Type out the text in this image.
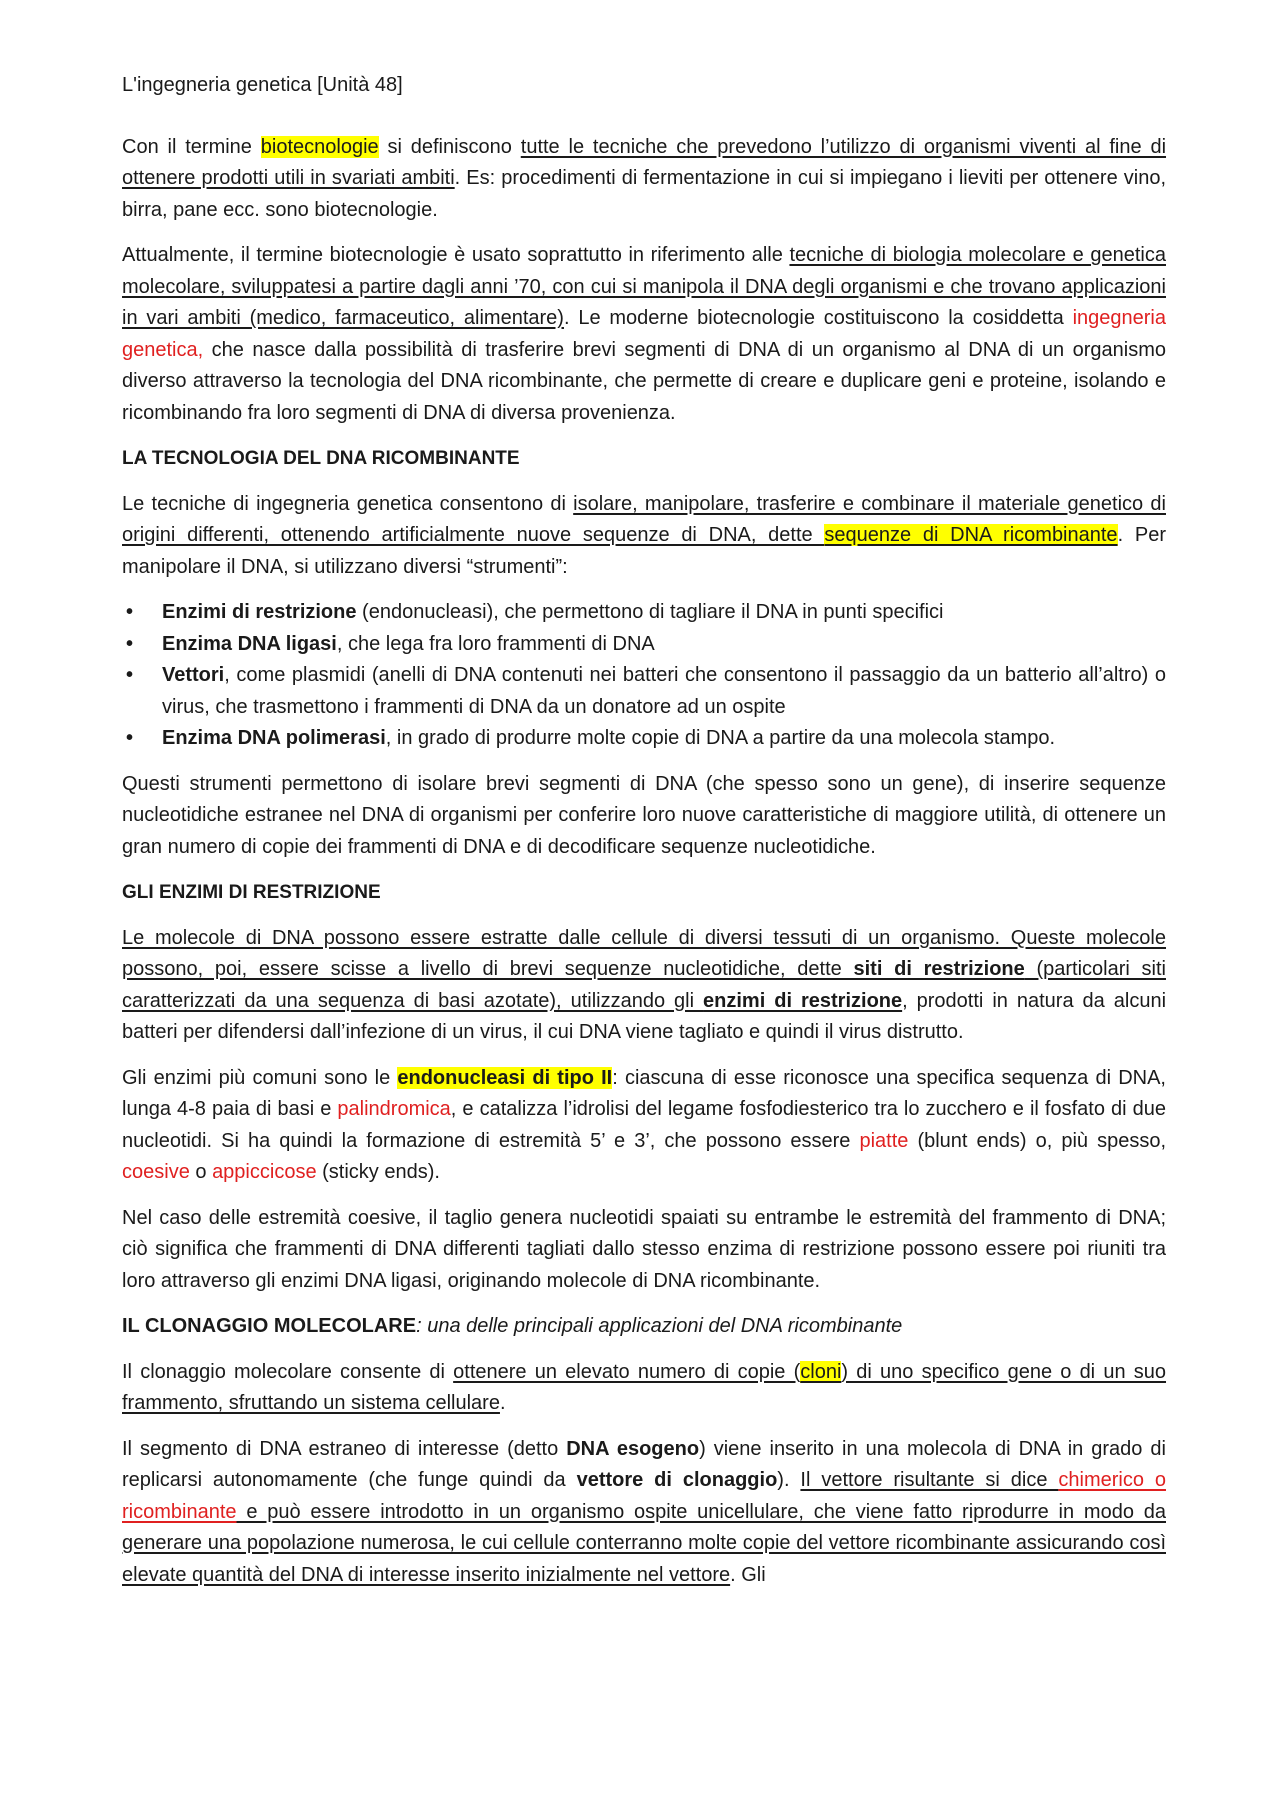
L'ingegneria genetica [Unità 48]

Con il termine biotecnologie si definiscono tutte le tecniche che prevedono l’utilizzo di organismi viventi al fine di ottenere prodotti utili in svariati ambiti. Es: procedimenti di fermentazione in cui si impiegano i lieviti per ottenere vino, birra, pane ecc. sono biotecnologie.

Attualmente, il termine biotecnologie è usato soprattutto in riferimento alle tecniche di biologia molecolare e genetica molecolare, sviluppatesi a partire dagli anni ’70, con cui si manipola il DNA degli organismi e che trovano applicazioni in vari ambiti (medico, farmaceutico, alimentare). Le moderne biotecnologie costituiscono la cosiddetta ingegneria genetica, che nasce dalla possibilità di trasferire brevi segmenti di DNA di un organismo al DNA di un organismo diverso attraverso la tecnologia del DNA ricombinante, che permette di creare e duplicare geni e proteine, isolando e ricombinando fra loro segmenti di DNA di diversa provenienza.

LA TECNOLOGIA DEL DNA RICOMBINANTE

Le tecniche di ingegneria genetica consentono di isolare, manipolare, trasferire e combinare il materiale genetico di origini differenti, ottenendo artificialmente nuove sequenze di DNA, dette sequenze di DNA ricombinante. Per manipolare il DNA, si utilizzano diversi “strumenti”:

• Enzimi di restrizione (endonucleasi), che permettono di tagliare il DNA in punti specifici
• Enzima DNA ligasi, che lega fra loro frammenti di DNA
• Vettori, come plasmidi (anelli di DNA contenuti nei batteri che consentono il passaggio da un batterio all’altro) o virus, che trasmettono i frammenti di DNA da un donatore ad un ospite
• Enzima DNA polimerasi, in grado di produrre molte copie di DNA a partire da una molecola stampo.

Questi strumenti permettono di isolare brevi segmenti di DNA (che spesso sono un gene), di inserire sequenze nucleotidiche estranee nel DNA di organismi per conferire loro nuove caratteristiche di maggiore utilità, di ottenere un gran numero di copie dei frammenti di DNA e di decodificare sequenze nucleotidiche.

GLI ENZIMI DI RESTRIZIONE

Le molecole di DNA possono essere estratte dalle cellule di diversi tessuti di un organismo. Queste molecole possono, poi, essere scisse a livello di brevi sequenze nucleotidiche, dette siti di restrizione (particolari siti caratterizzati da una sequenza di basi azotate), utilizzando gli enzimi di restrizione, prodotti in natura da alcuni batteri per difendersi dall’infezione di un virus, il cui DNA viene tagliato e quindi il virus distrutto.

Gli enzimi più comuni sono le endonucleasi di tipo II: ciascuna di esse riconosce una specifica sequenza di DNA, lunga 4-8 paia di basi e palindromica, e catalizza l’idrolisi del legame fosfodiesterico tra lo zucchero e il fosfato di due nucleotidi. Si ha quindi la formazione di estremità 5’ e 3’, che possono essere piatte (blunt ends) o, più spesso, coesive o appiccicose (sticky ends).

Nel caso delle estremità coesive, il taglio genera nucleotidi spaiati su entrambe le estremità del frammento di DNA; ciò significa che frammenti di DNA differenti tagliati dallo stesso enzima di restrizione possono essere poi riuniti tra loro attraverso gli enzimi DNA ligasi, originando molecole di DNA ricombinante.

IL CLONAGGIO MOLECOLARE: una delle principali applicazioni del DNA ricombinante

Il clonaggio molecolare consente di ottenere un elevato numero di copie (cloni) di uno specifico gene o di un suo frammento, sfruttando un sistema cellulare.

Il segmento di DNA estraneo di interesse (detto DNA esogeno) viene inserito in una molecola di DNA in grado di replicarsi autonomamente (che funge quindi da vettore di clonaggio). Il vettore risultante si dice chimerico o ricombinante e può essere introdotto in un organismo ospite unicellulare, che viene fatto riprodurre in modo da generare una popolazione numerosa, le cui cellule conterranno molte copie del vettore ricombinante assicurando così elevate quantità del DNA di interesse inserito inizialmente nel vettore. Gli
